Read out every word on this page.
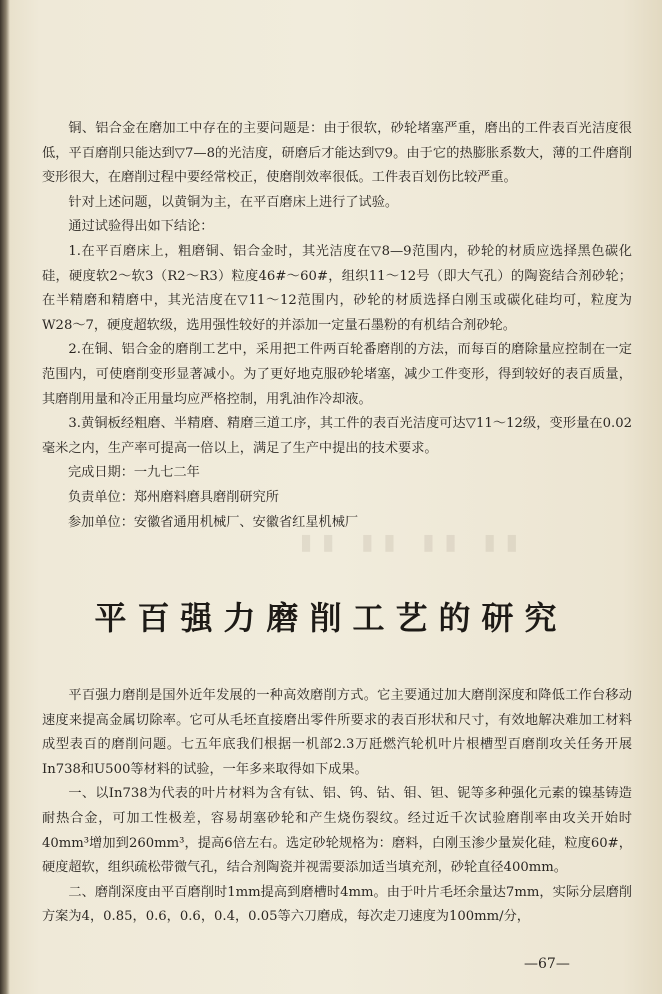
铜、铝合金在磨加工中存在的主要问题是：由于很软，砂轮堵塞严重，磨出的工件表百光洁度很低，平百磨削只能达到▽7—8的光洁度，研磨后才能达到▽9。由于它的热膨胀系数大，薄的工件磨削变形很大，在磨削过程中要经常校正，使磨削效率很低。工件表百划伤比较严重。

针对上述问题，以黄铜为主，在平百磨床上进行了试验。

通过试验得出如下结论：

1.在平百磨床上，粗磨铜、铝合金时，其光洁度在▽8—9范围内，砂轮的材质应选择黑色碳化硅，硬度软2～软3（R2～R3）粒度46#～60#，组织11～12号（即大气孔）的陶瓷结合剂砂轮；在半精磨和精磨中，其光洁度在▽11～12范围内，砂轮的材质选择白刚玉或碳化硅均可，粒度为 W28～7，硬度超软级，选用强性较好的并添加一定量石墨粉的有机结合剂砂轮。

2.在铜、铝合金的磨削工艺中，采用把工件两百轮番磨削的方法，而每百的磨除量应控制在一定范围内，可使磨削变形显著减小。为了更好地克服砂轮堵塞，减少工件变形，得到较好的表百质量，其磨削用量和冷正用量均应严格控制，用乳油作冷却液。

3.黄铜板经粗磨、半精磨、精磨三道工序，其工件的表百光洁度可达▽11～12级，变形量在0.02毫米之内，生产率可提高一倍以上，满足了生产中提出的技术要求。

完成日期：一九七二年

负责单位：郑州磨料磨具磨削研究所

参加单位：安徽省通用机械厂、安徽省红星机械厂

▮▮ ▮▮ ▮▮ ▮▮
平百强力磨削工艺的研究

平百强力磨削是国外近年发展的一种高效磨削方式。它主要通过加大磨削深度和降低工作台移动速度来提高金属切除率。它可从毛坯直接磨出零件所要求的表百形状和尺寸，有效地解决难加工材料成型表百的磨削问题。七五年底我们根据一机部2.3万瓩燃汽轮机叶片根槽型百磨削攻关任务开展In738和U500等材料的试验，一年多来取得如下成果。

一、以In738为代表的叶片材料为含有钛、铝、钨、钴、钼、钽、铌等多种强化元素的镍基铸造耐热合金，可加工性极差，容易胡塞砂轮和产生烧伤裂纹。经过近千次试验磨削率由攻关开始时40mm³增加到260mm³，提高6倍左右。选定砂轮规格为：磨料，白刚玉渗少量炭化硅，粒度60#，硬度超软，组织疏松带微气孔，结合剂陶瓷并视需要添加适当填充剂，砂轮直径400mm。

二、磨削深度由平百磨削时1mm提高到磨槽时4mm。由于叶片毛坯余量达7mm，实际分层磨削方案为4，0.85，0.6，0.6，0.4，0.05等六刀磨成，每次走刀速度为100mm/分，

—67—
